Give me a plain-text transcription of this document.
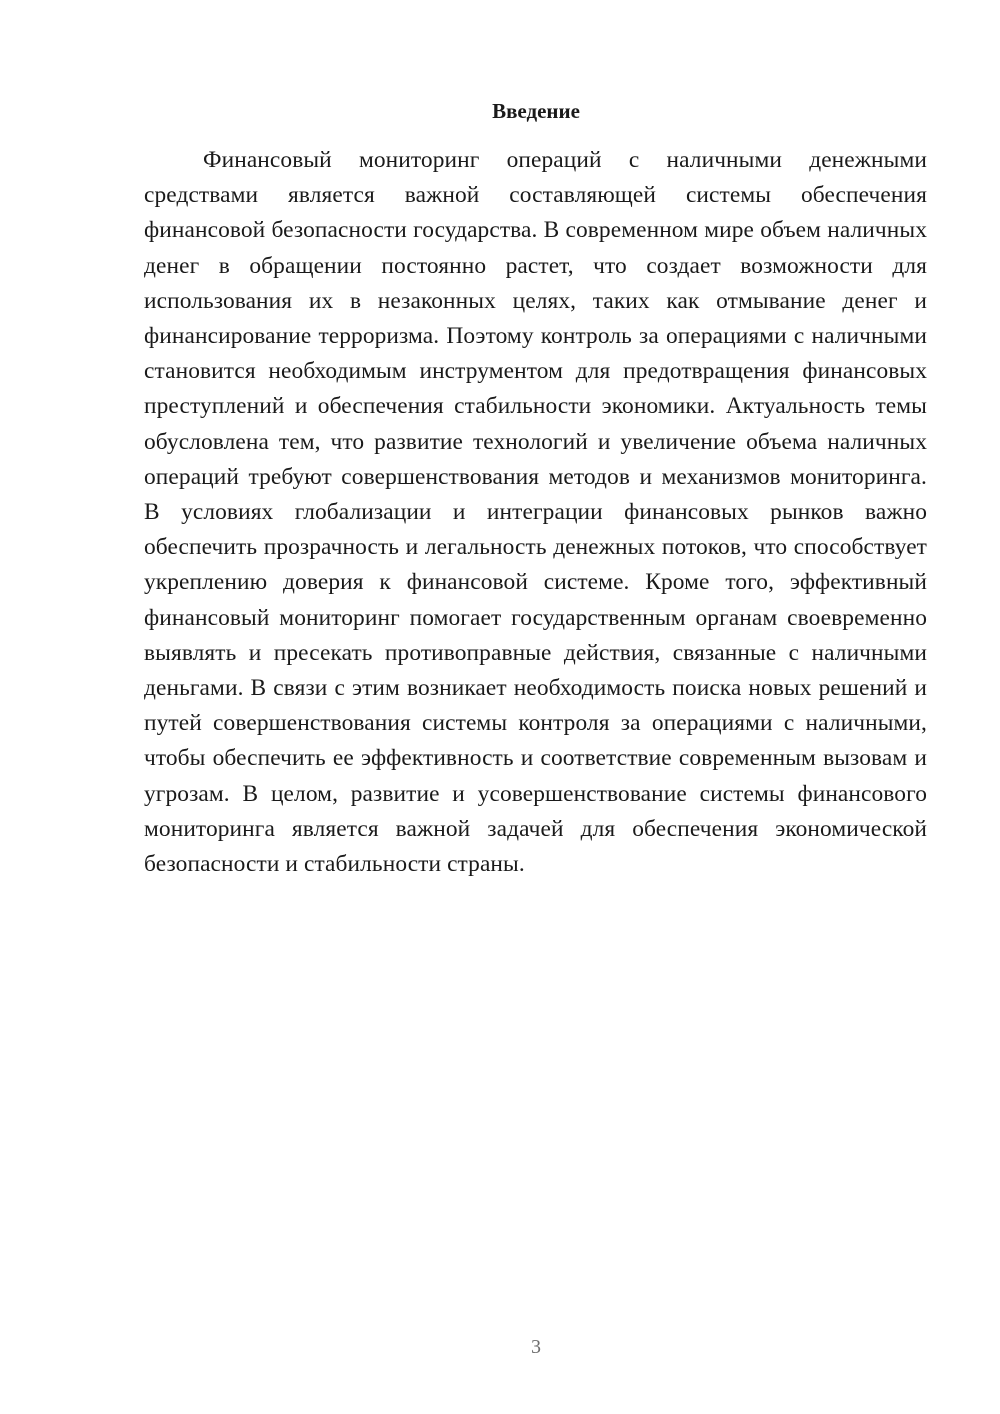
Введение

Финансовый мониторинг операций с наличными денежными средствами является важной составляющей системы обеспечения финансовой безопасности государства. В современном мире объем наличных денег в обращении постоянно растет, что создает возможности для использования их в незаконных целях, таких как отмывание денег и финансирование терроризма. Поэтому контроль за операциями с наличными становится необходимым инструментом для предотвращения финансовых преступлений и обеспечения стабильности экономики. Актуальность темы обусловлена тем, что развитие технологий и увеличение объема наличных операций требуют совершенствования методов и механизмов мониторинга. В условиях глобализации и интеграции финансовых рынков важно обеспечить прозрачность и легальность денежных потоков, что способствует укреплению доверия к финансовой системе. Кроме того, эффективный финансовый мониторинг помогает государственным органам своевременно выявлять и пресекать противоправные действия, связанные с наличными деньгами. В связи с этим возникает необходимость поиска новых решений и путей совершенствования системы контроля за операциями с наличными, чтобы обеспечить ее эффективность и соответствие современным вызовам и угрозам. В целом, развитие и усовершенствование системы финансового мониторинга является важной задачей для обеспечения экономической безопасности и стабильности страны.

3
